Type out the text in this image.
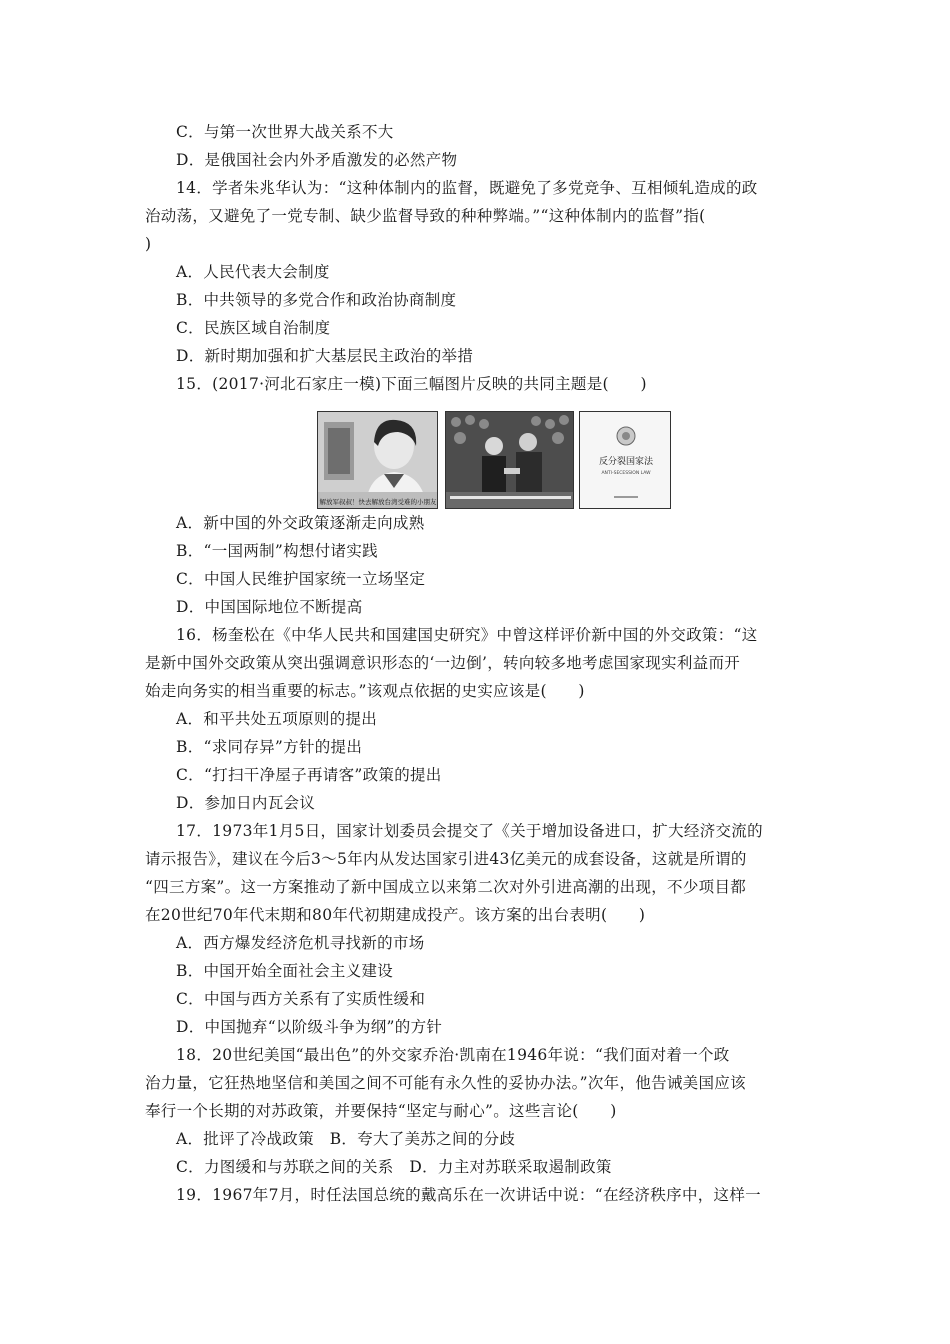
C．与第一次世界大战关系不大
D．是俄国社会内外矛盾激发的必然产物
14．学者朱兆华认为：“这种体制内的监督，既避免了多党竞争、互相倾轧造成的政
治动荡，又避免了一党专制、缺少监督导致的种种弊端。”“这种体制内的监督”指(
)
A．人民代表大会制度
B．中共领导的多党合作和政治协商制度
C．民族区域自治制度
D．新时期加强和扩大基层民主政治的举措
15．(2017·河北石家庄一模)下面三幅图片反映的共同主题是(　　)
解放军叔叔！快去解放台湾受难的小朋友
反分裂国家法
ANTI-SECESSION LAW
A．新中国的外交政策逐渐走向成熟
B．“一国两制”构想付诸实践
C．中国人民维护国家统一立场坚定
D．中国国际地位不断提高
16．杨奎松在《中华人民共和国建国史研究》中曾这样评价新中国的外交政策：“这
是新中国外交政策从突出强调意识形态的‘一边倒’，转向较多地考虑国家现实利益而开
始走向务实的相当重要的标志。”该观点依据的史实应该是(　　)
A．和平共处五项原则的提出
B．“求同存异”方针的提出
C．“打扫干净屋子再请客”政策的提出
D．参加日内瓦会议
17．1973年1月5日，国家计划委员会提交了《关于增加设备进口，扩大经济交流的
请示报告》，建议在今后3～5年内从发达国家引进43亿美元的成套设备，这就是所谓的
“四三方案”。这一方案推动了新中国成立以来第二次对外引进高潮的出现，不少项目都
在20世纪70年代末期和80年代初期建成投产。该方案的出台表明(　　)
A．西方爆发经济危机寻找新的市场
B．中国开始全面社会主义建设
C．中国与西方关系有了实质性缓和
D．中国抛弃“以阶级斗争为纲”的方针
18．20世纪美国“最出色”的外交家乔治·凯南在1946年说：“我们面对着一个政
治力量，它狂热地坚信和美国之间不可能有永久性的妥协办法。”次年，他告诫美国应该
奉行一个长期的对苏政策，并要保持“坚定与耐心”。这些言论(　　)
A．批评了冷战政策　B．夸大了美苏之间的分歧
C．力图缓和与苏联之间的关系　D．力主对苏联采取遏制政策
19．1967年7月，时任法国总统的戴高乐在一次讲话中说：“在经济秩序中，这样一
